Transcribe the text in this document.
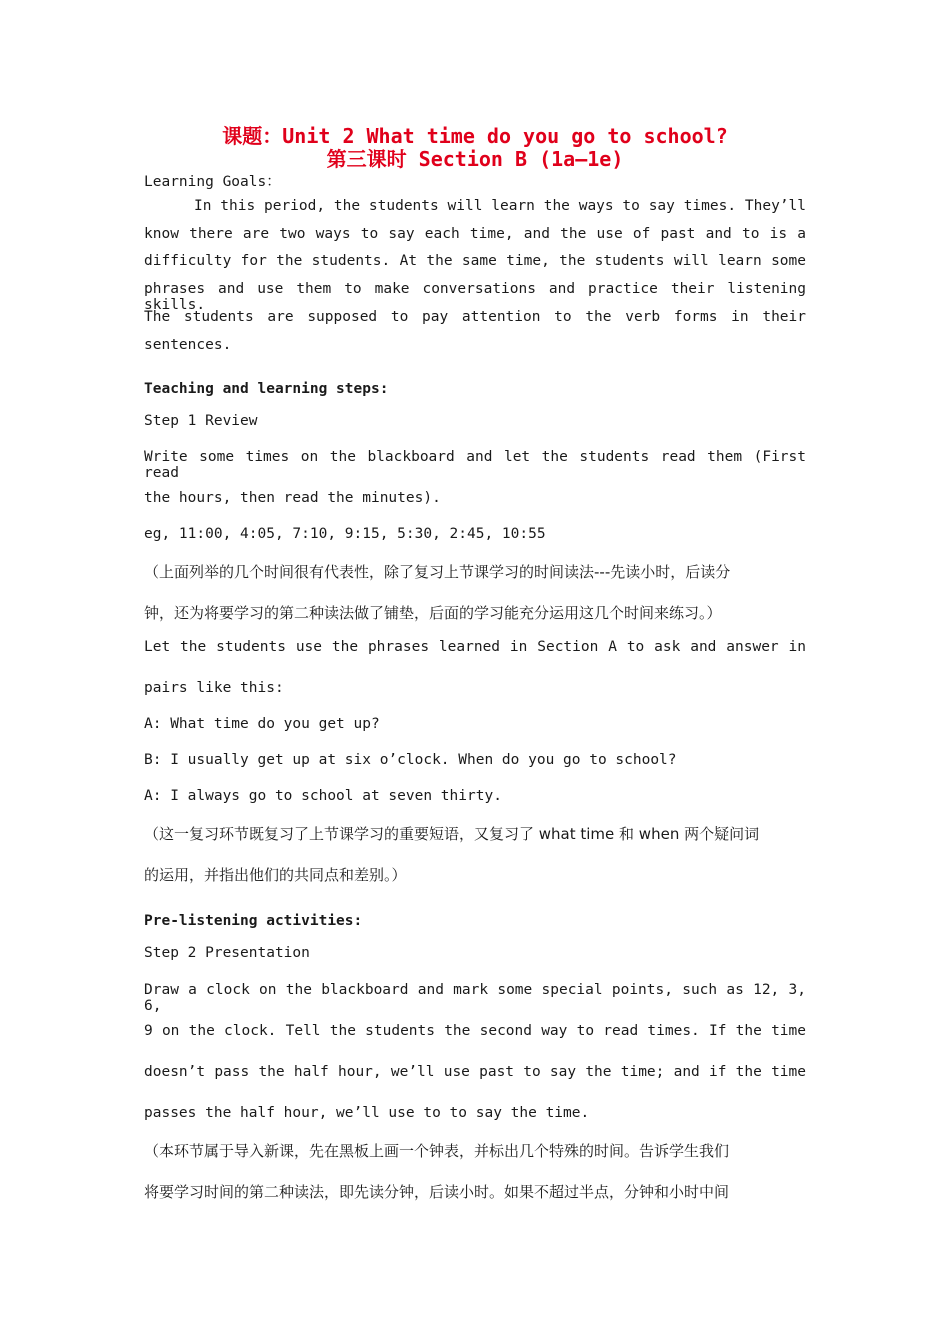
课题：Unit 2 What time do you go to school?
第三课时 Section B (1a—1e)
Learning Goals：
In this period, the students will learn the ways to say times. They’ll
know there are two ways to say each time, and the use of past and to is a
difficulty for the students. At the same time, the students will learn some
phrases and use them to make conversations and practice their listening skills.
The students are supposed to pay attention to the verb forms in their
sentences.
Teaching and learning steps:
Step 1 Review
Write some times on the blackboard and let the students read them (First read
the hours, then read the minutes).
eg, 11:00, 4:05, 7:10, 9:15, 5:30, 2:45, 10:55
（上面列举的几个时间很有代表性，除了复习上节课学习的时间读法---先读小时，后读分
钟，还为将要学习的第二种读法做了铺垫，后面的学习能充分运用这几个时间来练习。）
Let the students use the phrases learned in Section A to ask and answer in
pairs like this:
A: What time do you get up?
B: I usually get up at six o’clock. When do you go to school?
A: I always go to school at seven thirty.
（这一复习环节既复习了上节课学习的重要短语，又复习了 what time 和 when 两个疑问词
的运用，并指出他们的共同点和差别。）
Pre-listening activities:
Step 2 Presentation
Draw a clock on the blackboard and mark some special points, such as 12, 3, 6,
9 on the clock. Tell the students the second way to read times. If the time
doesn’t pass the half hour, we’ll use past to say the time; and if the time
passes the half hour, we’ll use to to say the time.
（本环节属于导入新课，先在黑板上画一个钟表，并标出几个特殊的时间。告诉学生我们
将要学习时间的第二种读法，即先读分钟，后读小时。如果不超过半点，分钟和小时中间
